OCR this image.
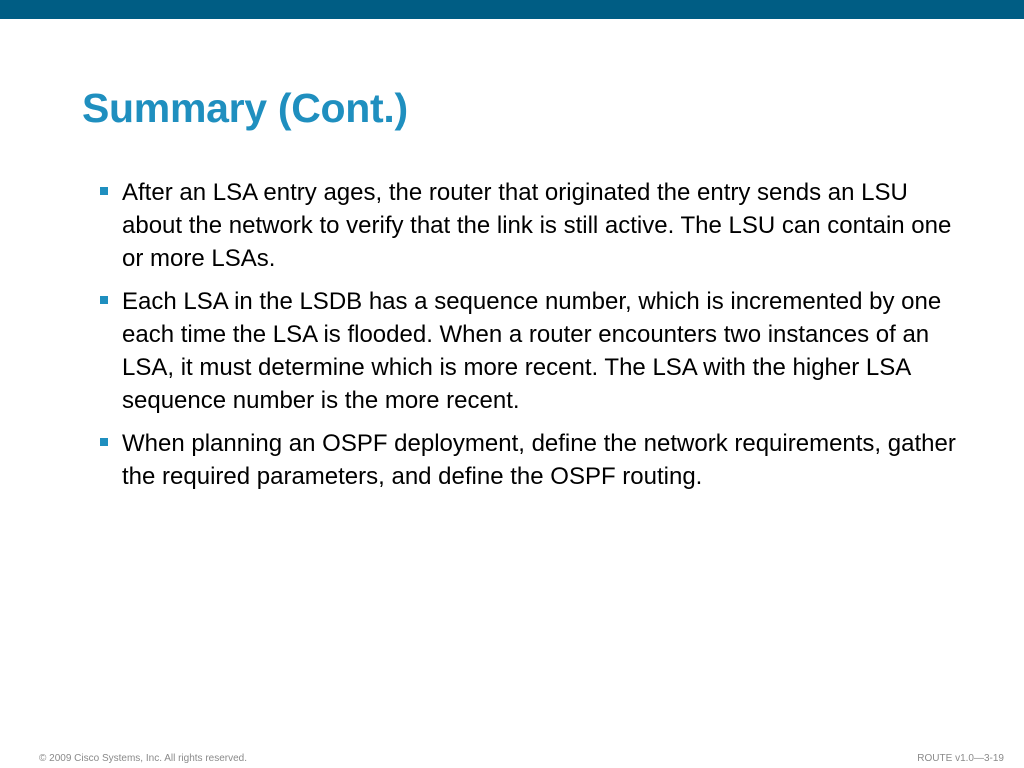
Summary (Cont.)
After an LSA entry ages, the router that originated the entry sends an LSU about the network to verify that the link is still active. The LSU can contain one or more LSAs.
Each LSA in the LSDB has a sequence number, which is incremented by one each time the LSA is flooded. When a router encounters two instances of an LSA, it must determine which is more recent. The LSA with the higher LSA sequence number is the more recent.
When planning an OSPF deployment, define the network requirements, gather the required parameters, and define the OSPF routing.
© 2009 Cisco Systems, Inc. All rights reserved.	ROUTE v1.0—3-19
